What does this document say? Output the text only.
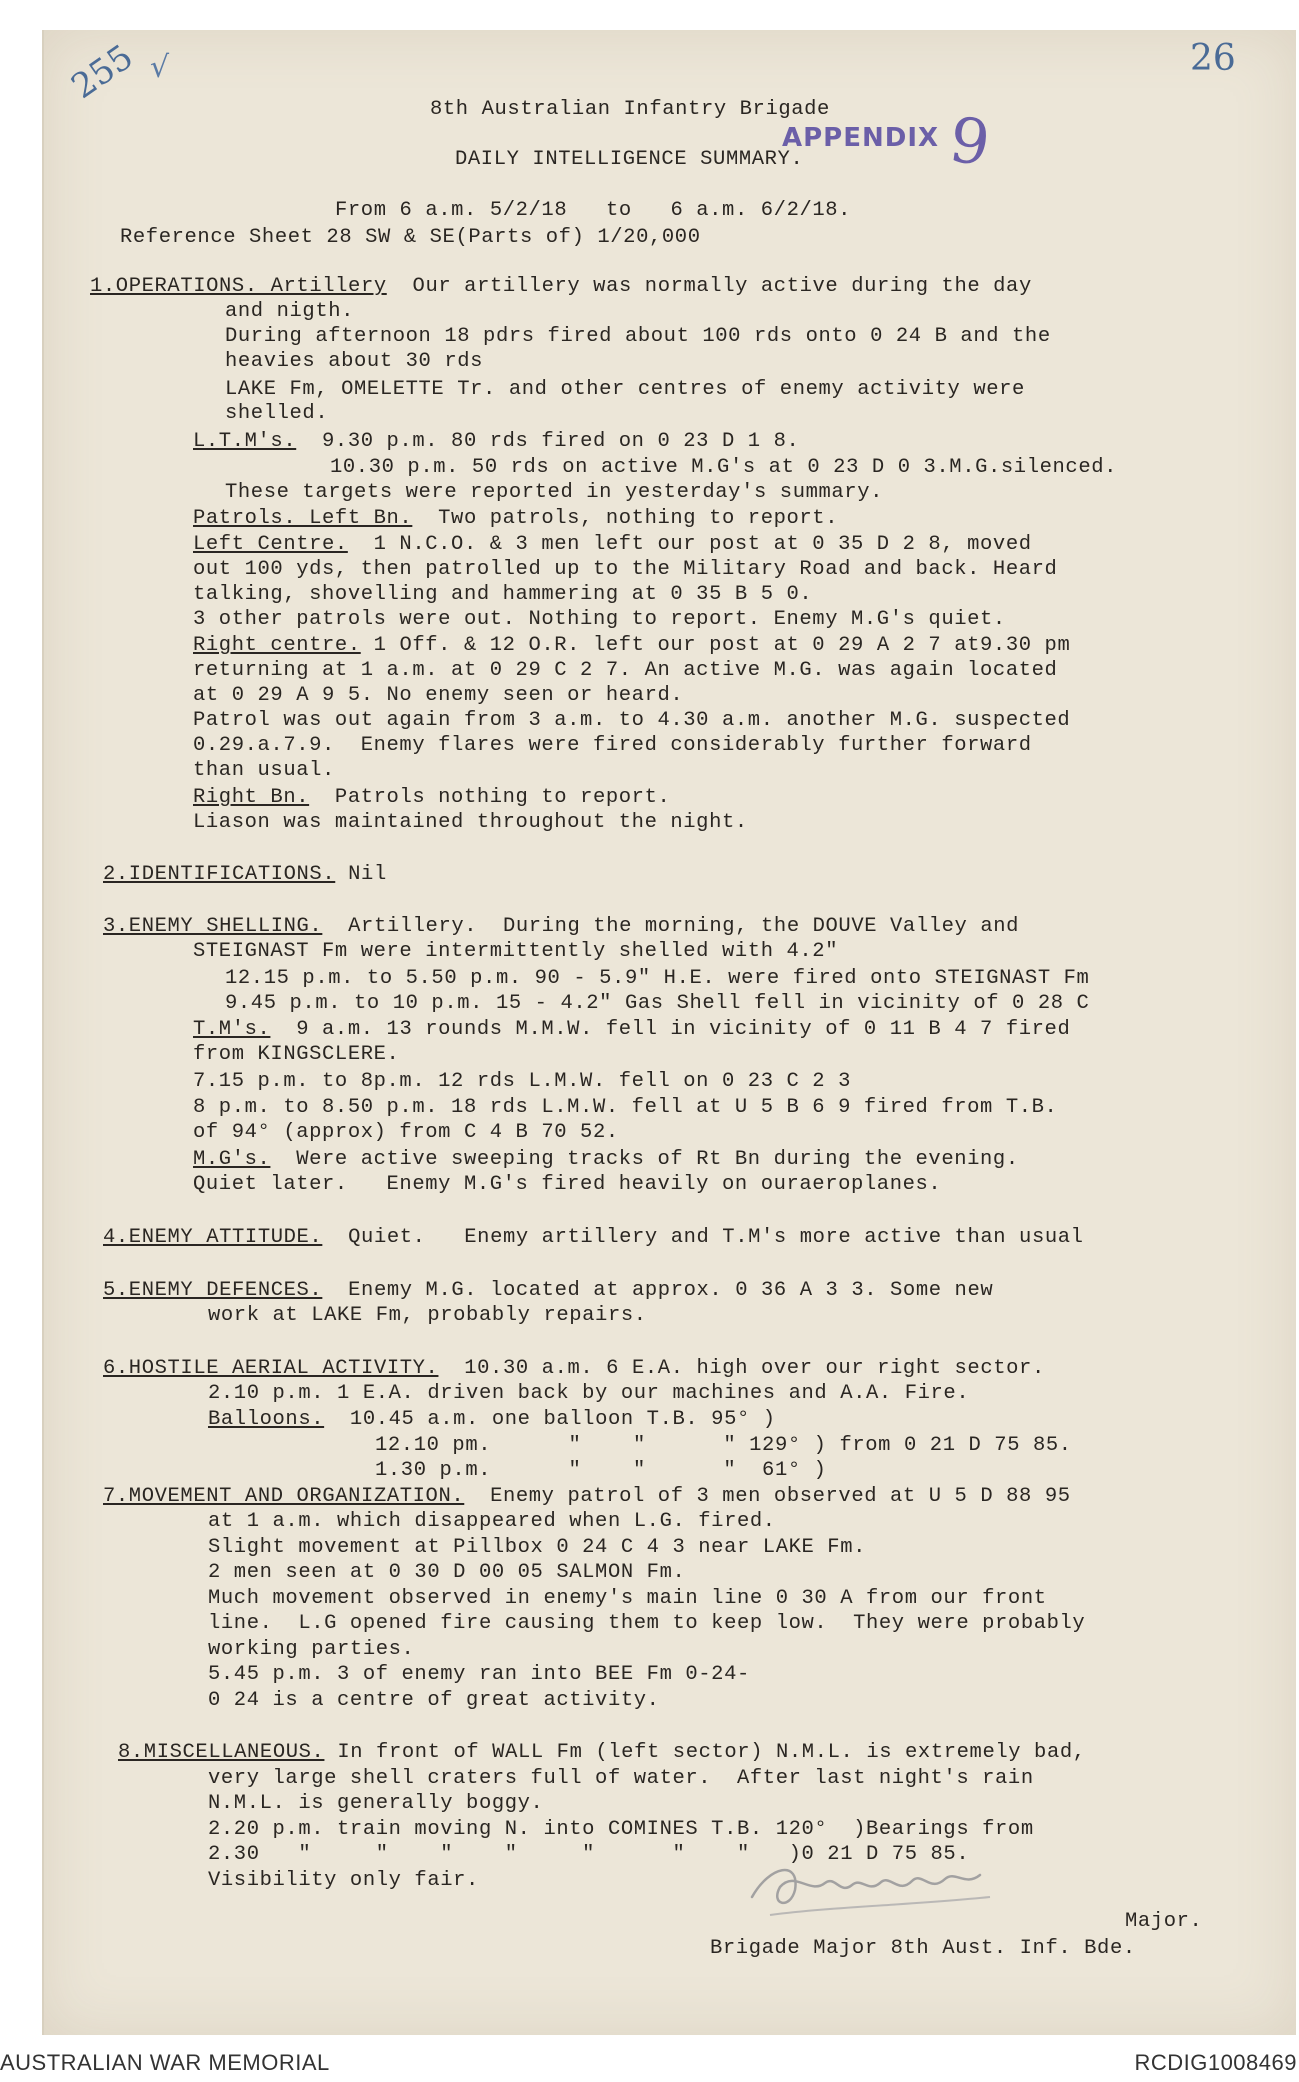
255 √	26
APPENDIX 9
8th Australian Infantry Brigade
DAILY INTELLIGENCE SUMMARY.
From 6 a.m. 5/2/18   to   6 a.m. 6/2/18.
Reference Sheet 28 SW & SE(Parts of) 1/20,000
1.OPERATIONS. Artillery  Our artillery was normally active during the day
and nigth.
During afternoon 18 pdrs fired about 100 rds onto 0 24 B and the
heavies about 30 rds
LAKE Fm, OMELETTE Tr. and other centres of enemy activity were
shelled.
L.T.M's.  9.30 p.m. 80 rds fired on 0 23 D 1 8.
10.30 p.m. 50 rds on active M.G's at 0 23 D 0 3.M.G.silenced.
These targets were reported in yesterday's summary.
Patrols. Left Bn.  Two patrols, nothing to report.
Left Centre.  1 N.C.O. & 3 men left our post at 0 35 D 2 8, moved
out 100 yds, then patrolled up to the Military Road and back. Heard
talking, shovelling and hammering at 0 35 B 5 0.
3 other patrols were out. Nothing to report. Enemy M.G's quiet.
Right centre. 1 Off. & 12 O.R. left our post at 0 29 A 2 7 at9.30 pm
returning at 1 a.m. at 0 29 C 2 7. An active M.G. was again located
at 0 29 A 9 5. No enemy seen or heard.
Patrol was out again from 3 a.m. to 4.30 a.m. another M.G. suspected
0.29.a.7.9.  Enemy flares were fired considerably further forward
than usual.
Right Bn.  Patrols nothing to report.
Liason was maintained throughout the night.
2.IDENTIFICATIONS. Nil
3.ENEMY SHELLING.  Artillery.  During the morning, the DOUVE Valley and
STEIGNAST Fm were intermittently shelled with 4.2"
12.15 p.m. to 5.50 p.m. 90 - 5.9" H.E. were fired onto STEIGNAST Fm
9.45 p.m. to 10 p.m. 15 - 4.2" Gas Shell fell in vicinity of 0 28 C
T.M's.  9 a.m. 13 rounds M.M.W. fell in vicinity of 0 11 B 4 7 fired
from KINGSCLERE.
7.15 p.m. to 8p.m. 12 rds L.M.W. fell on 0 23 C 2 3
8 p.m. to 8.50 p.m. 18 rds L.M.W. fell at U 5 B 6 9 fired from T.B.
of 94° (approx) from C 4 B 70 52.
M.G's.  Were active sweeping tracks of Rt Bn during the evening.
Quiet later.   Enemy M.G's fired heavily on ouraeroplanes.
4.ENEMY ATTITUDE.  Quiet.   Enemy artillery and T.M's more active than usual
5.ENEMY DEFENCES.  Enemy M.G. located at approx. 0 36 A 3 3. Some new
work at LAKE Fm, probably repairs.
6.HOSTILE AERIAL ACTIVITY.  10.30 a.m. 6 E.A. high over our right sector.
2.10 p.m. 1 E.A. driven back by our machines and A.A. Fire.
Balloons.  10.45 a.m. one balloon T.B. 95° )
12.10 pm.      "    "      " 129° ) from 0 21 D 75 85.
1.30 p.m.      "    "      "  61° )
7.MOVEMENT AND ORGANIZATION.  Enemy patrol of 3 men observed at U 5 D 88 95
at 1 a.m. which disappeared when L.G. fired.
Slight movement at Pillbox 0 24 C 4 3 near LAKE Fm.
2 men seen at 0 30 D 00 05 SALMON Fm.
Much movement observed in enemy's main line 0 30 A from our front
line.  L.G opened fire causing them to keep low.  They were probably
working parties.
5.45 p.m. 3 of enemy ran into BEE Fm 0-24-
0 24 is a centre of great activity.
8.MISCELLANEOUS. In front of WALL Fm (left sector) N.M.L. is extremely bad,
very large shell craters full of water.  After last night's rain
N.M.L. is generally boggy.
2.20 p.m. train moving N. into COMINES T.B. 120°  )Bearings from
2.30   "     "    "    "     "      "    "   )0 21 D 75 85.
Visibility only fair.
Major.
Brigade Major 8th Aust. Inf. Bde.
AUSTRALIAN WAR MEMORIAL	RCDIG1008469
